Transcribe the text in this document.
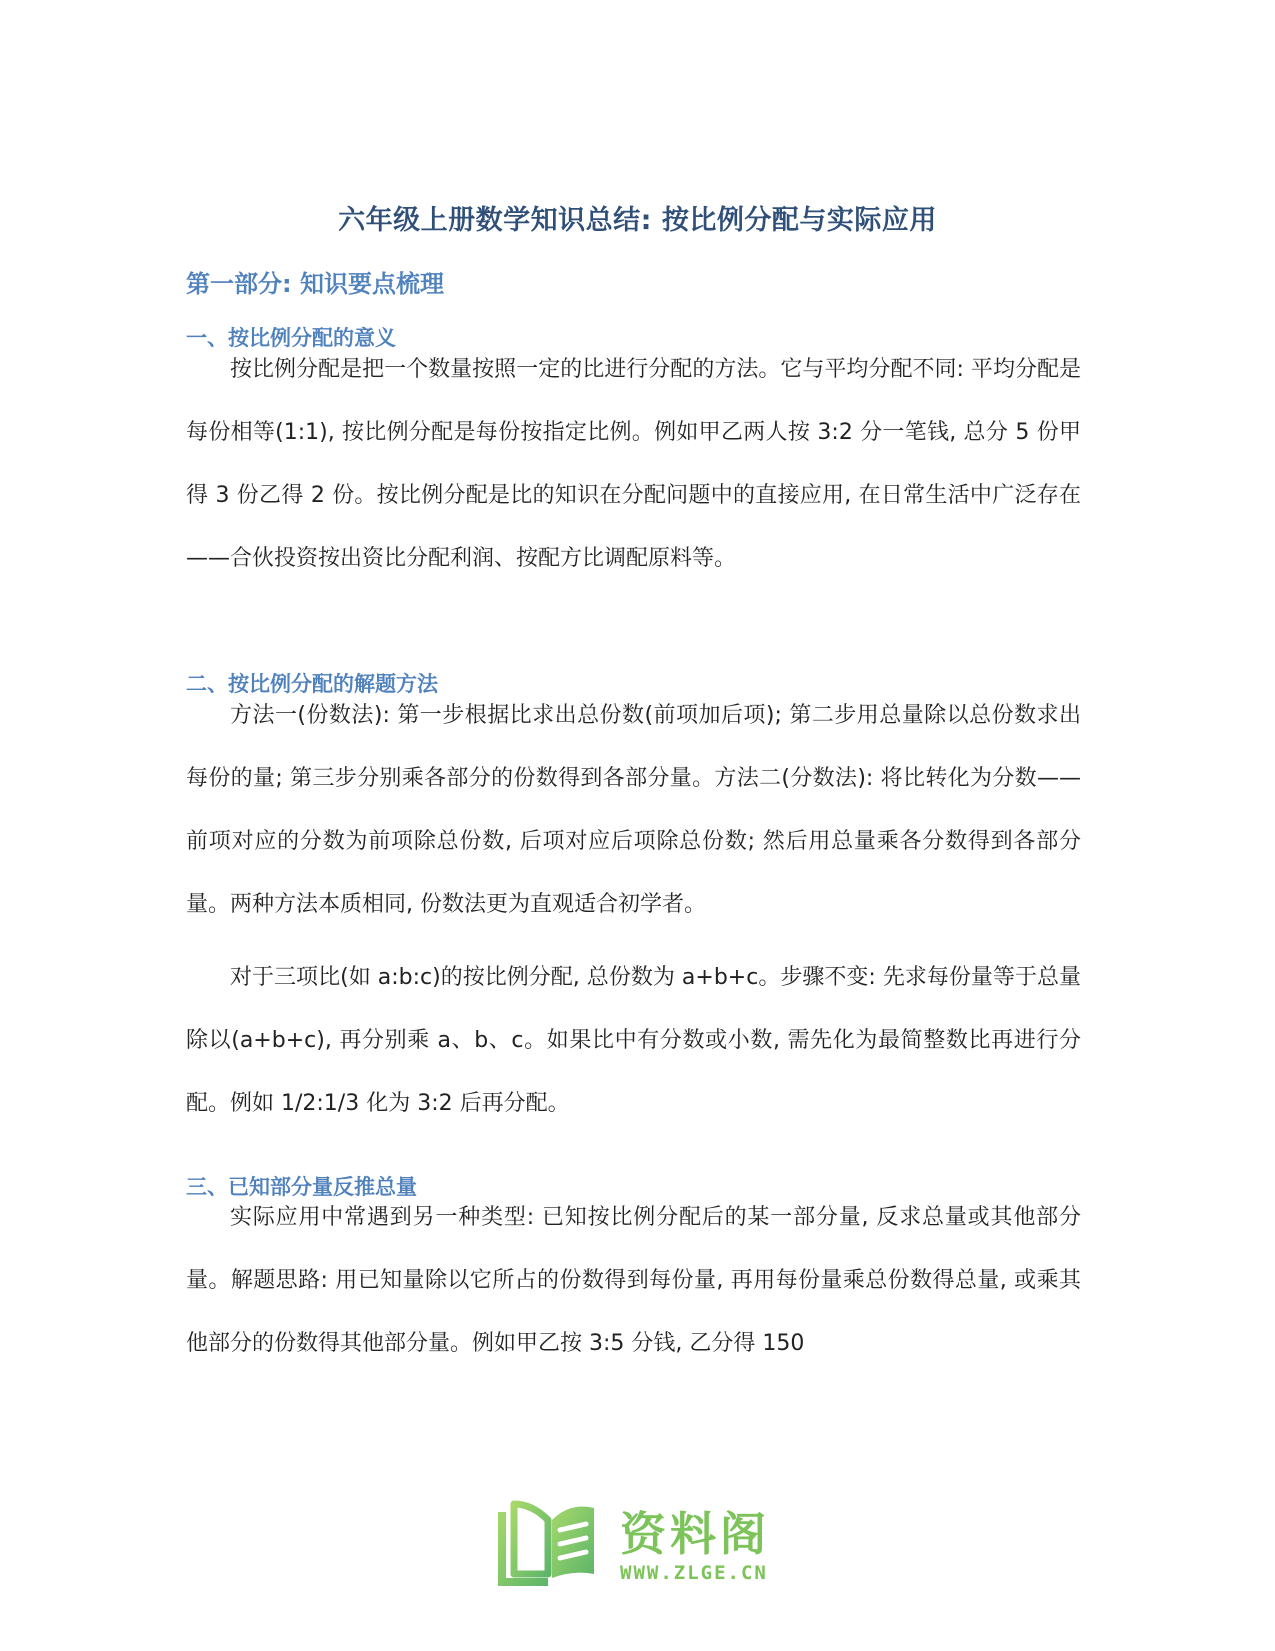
六年级上册数学知识总结: 按比例分配与实际应用
第一部分: 知识要点梳理
一、按比例分配的意义

按比例分配是把一个数量按照一定的比进行分配的方法。它与平均分配不同: 平均分配是每份相等(1:1), 按比例分配是每份按指定比例。例如甲乙两人按 3:2 分一笔钱, 总分 5 份甲得 3 份乙得 2 份。按比例分配是比的知识在分配问题中的直接应用, 在日常生活中广泛存在——合伙投资按出资比分配利润、按配方比调配原料等。

二、按比例分配的解题方法

方法一(份数法): 第一步根据比求出总份数(前项加后项); 第二步用总量除以总份数求出每份的量; 第三步分别乘各部分的份数得到各部分量。方法二(分数法): 将比转化为分数——前项对应的分数为前项除总份数, 后项对应后项除总份数; 然后用总量乘各分数得到各部分量。两种方法本质相同, 份数法更为直观适合初学者。

对于三项比(如 a:b:c)的按比例分配, 总份数为 a+b+c。步骤不变: 先求每份量等于总量除以(a+b+c), 再分别乘 a、b、c。如果比中有分数或小数, 需先化为最简整数比再进行分配。例如 1/2:1/3 化为 3:2 后再分配。

三、已知部分量反推总量

实际应用中常遇到另一种类型: 已知按比例分配后的某一部分量, 反求总量或其他部分量。解题思路: 用已知量除以它所占的份数得到每份量, 再用每份量乘总份数得总量, 或乘其他部分的份数得其他部分量。例如甲乙按 3:5 分钱, 乙分得 150

资料阁
WWW.ZLGE.CN
